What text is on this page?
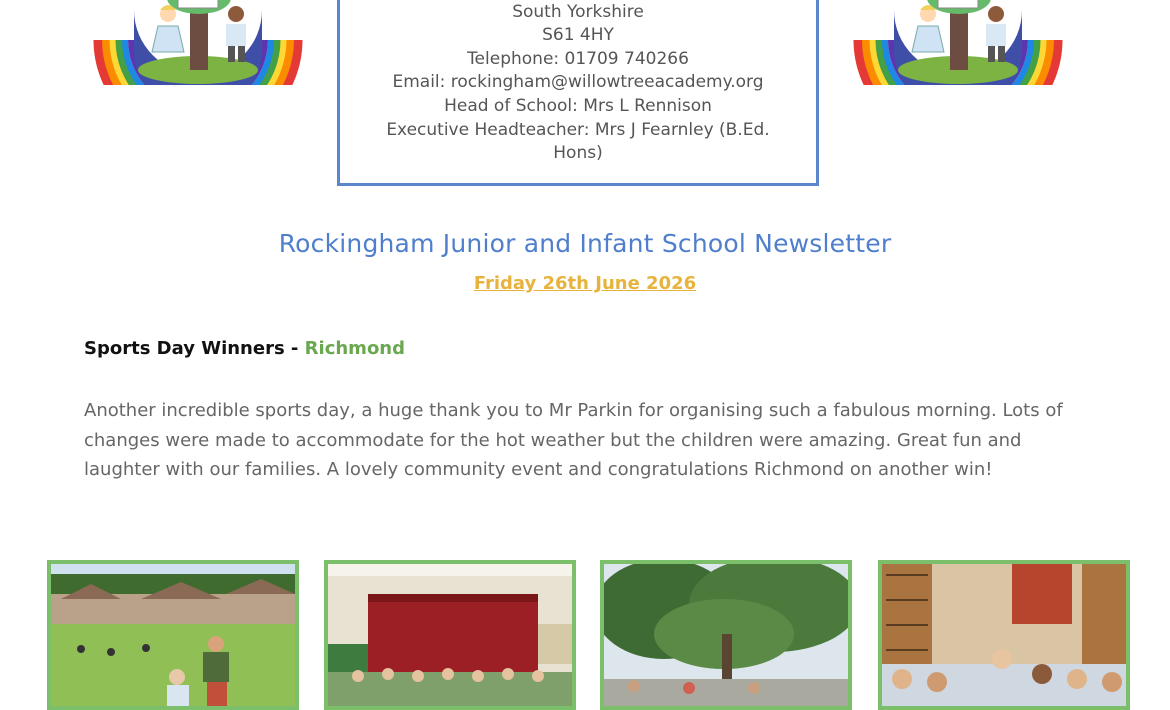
South Yorkshire
S61 4HY
Telephone: 01709 740266
Email: rockingham@willowtreeacademy.org
Head of School: Mrs L Rennison
Executive Headteacher: Mrs J Fearnley (B.Ed.
Hons)
Rockingham Junior and Infant School Newsletter
Friday 26th June 2026
Sports Day Winners - Richmond
Another incredible sports day, a huge thank you to Mr Parkin for organising such a fabulous morning. Lots of changes were made to accommodate for the hot weather but the children were amazing. Great fun and laughter with our families. A lovely community event and congratulations Richmond on another win!
